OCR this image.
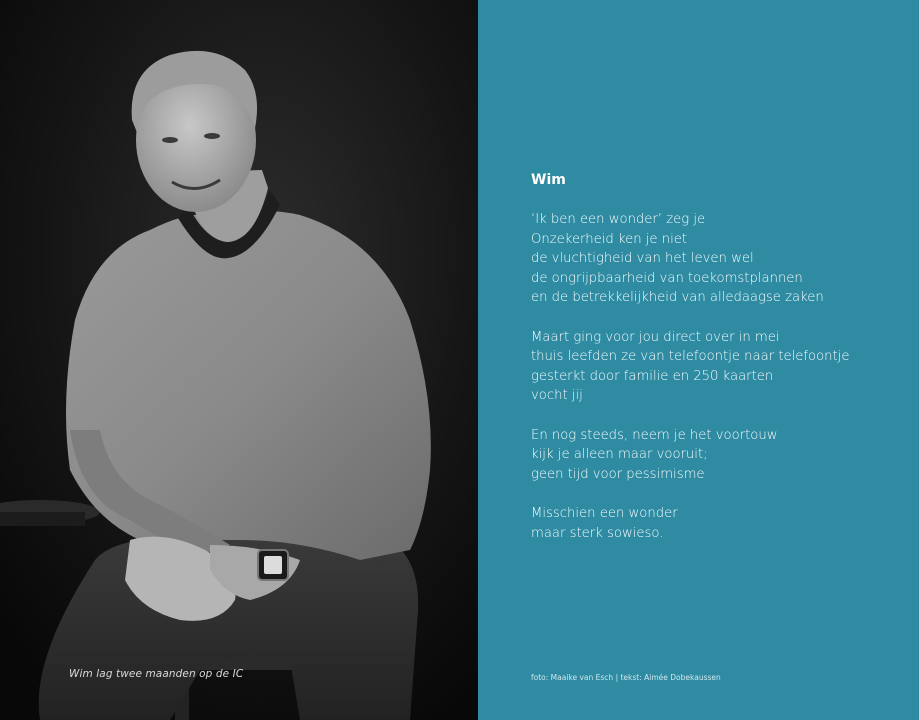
Wim lag twee maanden op de IC
Wim
‘Ik ben een wonder’ zeg je
Onzekerheid ken je niet
de vluchtigheid van het leven wel
de ongrijpbaarheid van toekomstplannen
en de betrekkelijkheid van alledaagse zaken
Maart ging voor jou direct over in mei
thuis leefden ze van telefoontje naar telefoontje
gesterkt door familie en 250 kaarten
vocht jij
En nog steeds, neem je het voortouw
kijk je alleen maar vooruit;
geen tijd voor pessimisme
Misschien een wonder
maar sterk sowieso.
foto: Maaike van Esch | tekst: Aimée Dobekaussen
